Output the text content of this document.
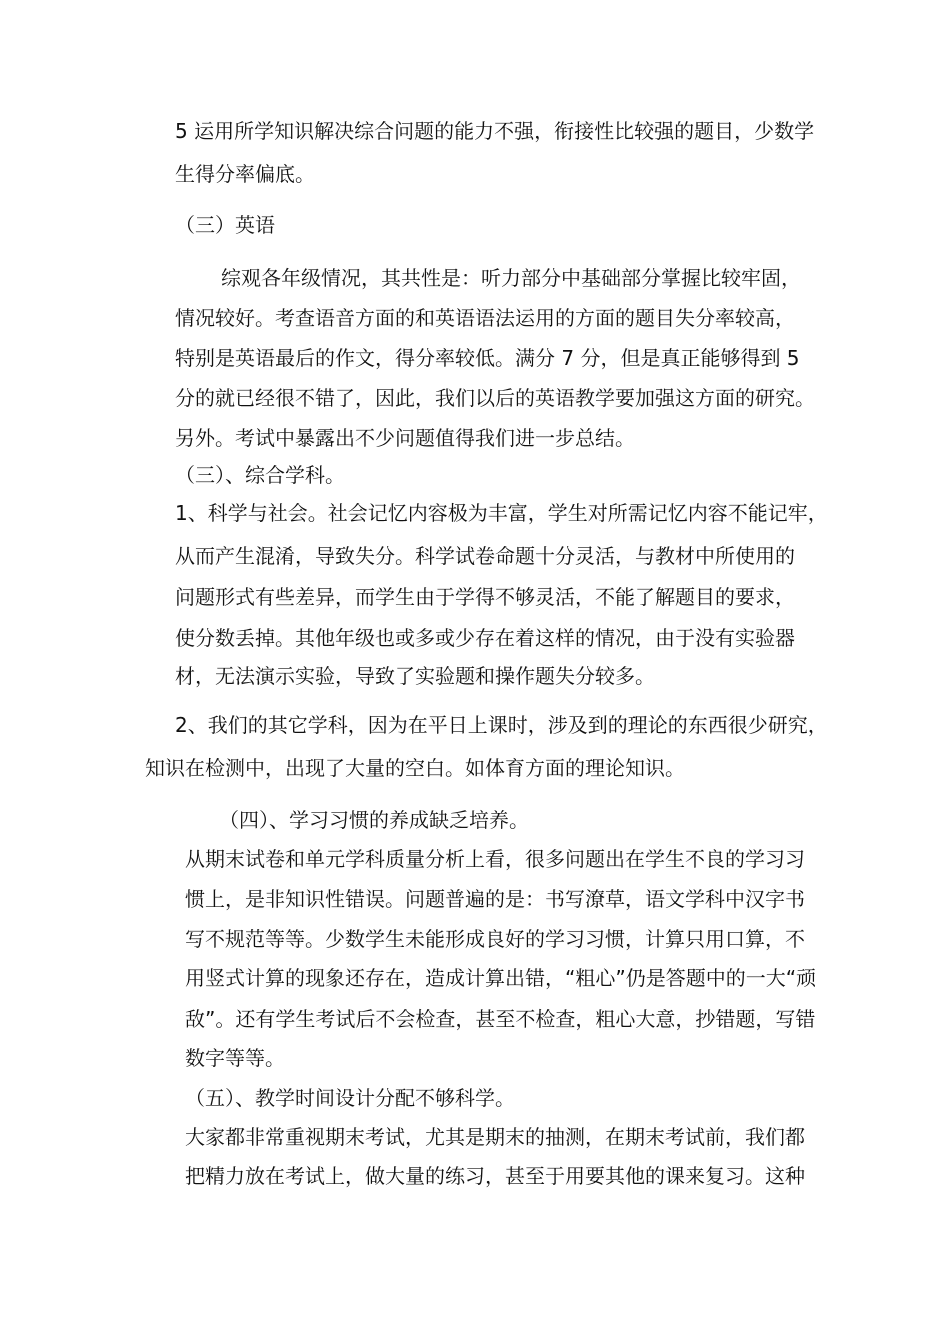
5 运用所学知识解决综合问题的能力不强，衔接性比较强的题目，少数学
生得分率偏底。
（三）英语
综观各年级情况，其共性是：听力部分中基础部分掌握比较牢固，
情况较好。考查语音方面的和英语语法运用的方面的题目失分率较高，
特别是英语最后的作文，得分率较低。满分 7 分，但是真正能够得到 5
分的就已经很不错了，因此，我们以后的英语教学要加强这方面的研究。
另外。考试中暴露出不少问题值得我们进一步总结。
（三）、综合学科。
1、科学与社会。社会记忆内容极为丰富，学生对所需记忆内容不能记牢，
从而产生混淆，导致失分。科学试卷命题十分灵活，与教材中所使用的
问题形式有些差异，而学生由于学得不够灵活，不能了解题目的要求，
使分数丢掉。其他年级也或多或少存在着这样的情况，由于没有实验器
材，无法演示实验，导致了实验题和操作题失分较多。
2、我们的其它学科，因为在平日上课时，涉及到的理论的东西很少研究，
知识在检测中，出现了大量的空白。如体育方面的理论知识。
（四）、学习习惯的养成缺乏培养。
从期末试卷和单元学科质量分析上看，很多问题出在学生不良的学习习
惯上，是非知识性错误。问题普遍的是：书写潦草，语文学科中汉字书
写不规范等等。少数学生未能形成良好的学习习惯，计算只用口算，不
用竖式计算的现象还存在，造成计算出错，“粗心”仍是答题中的一大“顽
敌”。还有学生考试后不会检查，甚至不检查，粗心大意，抄错题，写错
数字等等。
（五）、教学时间设计分配不够科学。
大家都非常重视期末考试，尤其是期末的抽测，在期末考试前，我们都
把精力放在考试上，做大量的练习，甚至于用要其他的课来复习。这种
